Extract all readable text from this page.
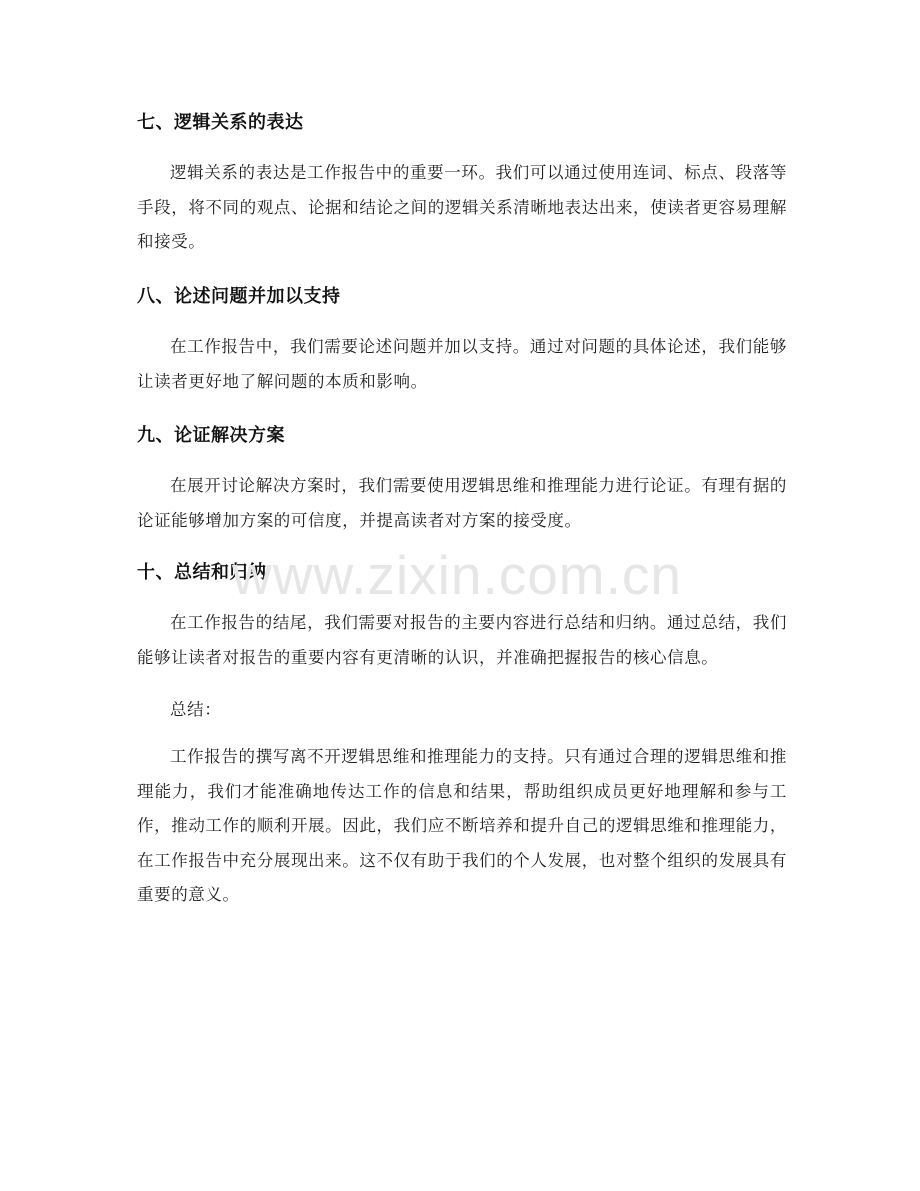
七、逻辑关系的表达
逻辑关系的表达是工作报告中的重要一环。我们可以通过使用连词、标点、段落等手段，将不同的观点、论据和结论之间的逻辑关系清晰地表达出来，使读者更容易理解和接受。
八、论述问题并加以支持
在工作报告中，我们需要论述问题并加以支持。通过对问题的具体论述，我们能够让读者更好地了解问题的本质和影响。
九、论证解决方案
在展开讨论解决方案时，我们需要使用逻辑思维和推理能力进行论证。有理有据的论证能够增加方案的可信度，并提高读者对方案的接受度。
十、总结和归纳
在工作报告的结尾，我们需要对报告的主要内容进行总结和归纳。通过总结，我们能够让读者对报告的重要内容有更清晰的认识，并准确把握报告的核心信息。
总结：
工作报告的撰写离不开逻辑思维和推理能力的支持。只有通过合理的逻辑思维和推理能力，我们才能准确地传达工作的信息和结果，帮助组织成员更好地理解和参与工作，推动工作的顺利开展。因此，我们应不断培养和提升自己的逻辑思维和推理能力，在工作报告中充分展现出来。这不仅有助于我们的个人发展，也对整个组织的发展具有重要的意义。
www.zixin.com.cn
